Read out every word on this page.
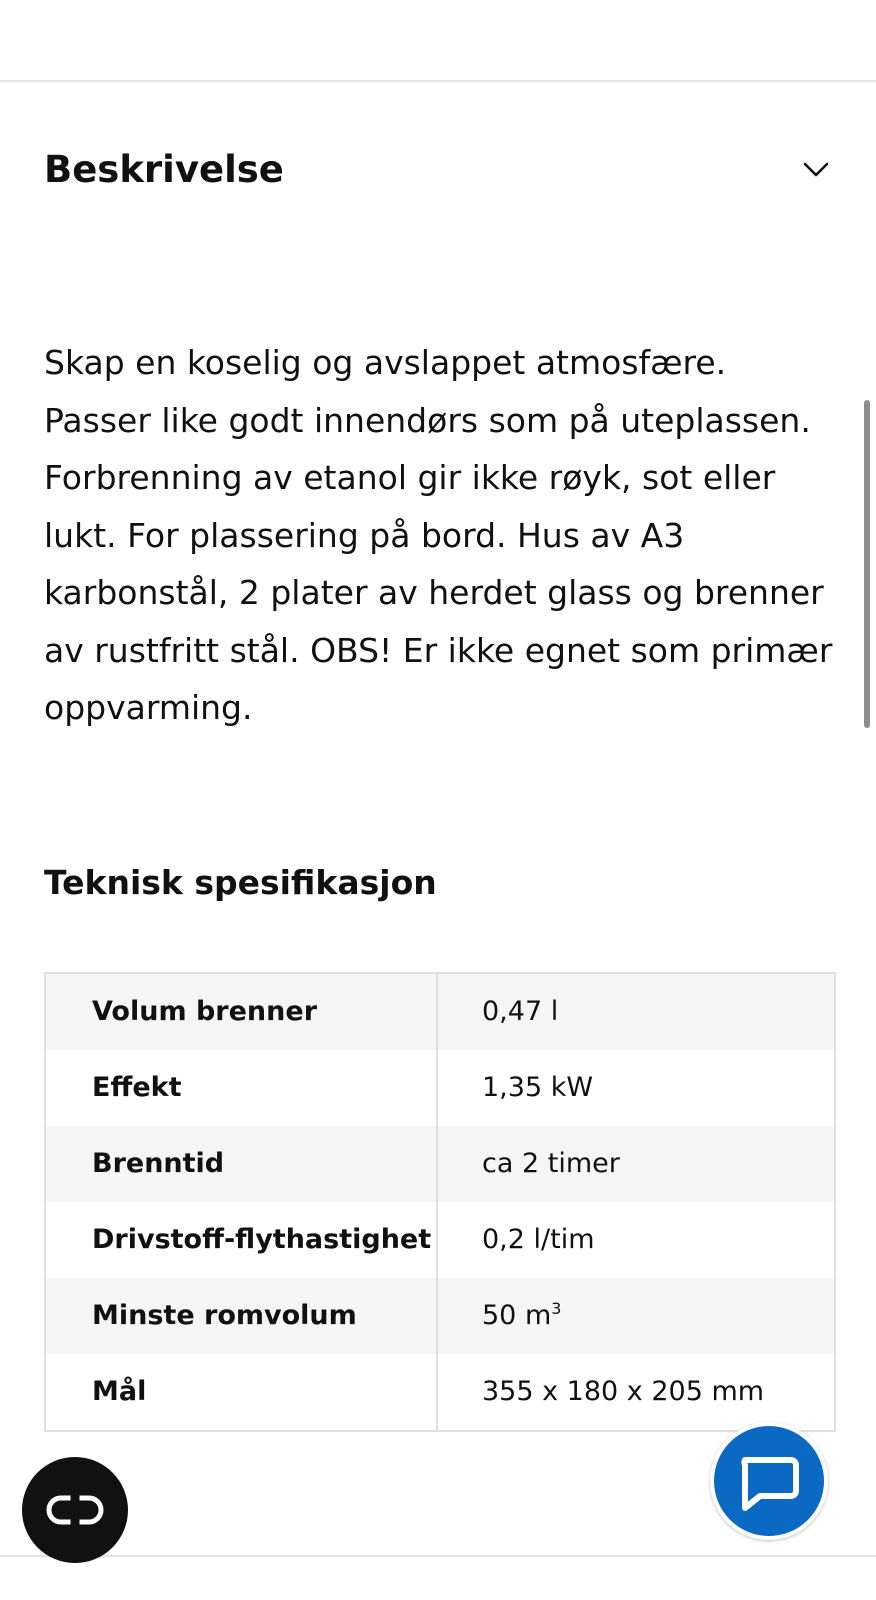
Beskrivelse

Skap en koselig og avslappet atmosfære.
Passer like godt innendørs som på uteplassen.
Forbrenning av etanol gir ikke røyk, sot eller
lukt. For plassering på bord. Hus av A3
karbonstål, 2 plater av herdet glass og brenner
av rustfritt stål. OBS! Er ikke egnet som primær
oppvarming.

Teknisk spesifikasjon
Volum brenner	0,47 l
Effekt	1,35 kW
Brenntid	ca 2 timer
Drivstoff-flythastighet	0,2 l/tim
Minste romvolum	50 $m^3$
Mål	355 x 180 x 205 mm
